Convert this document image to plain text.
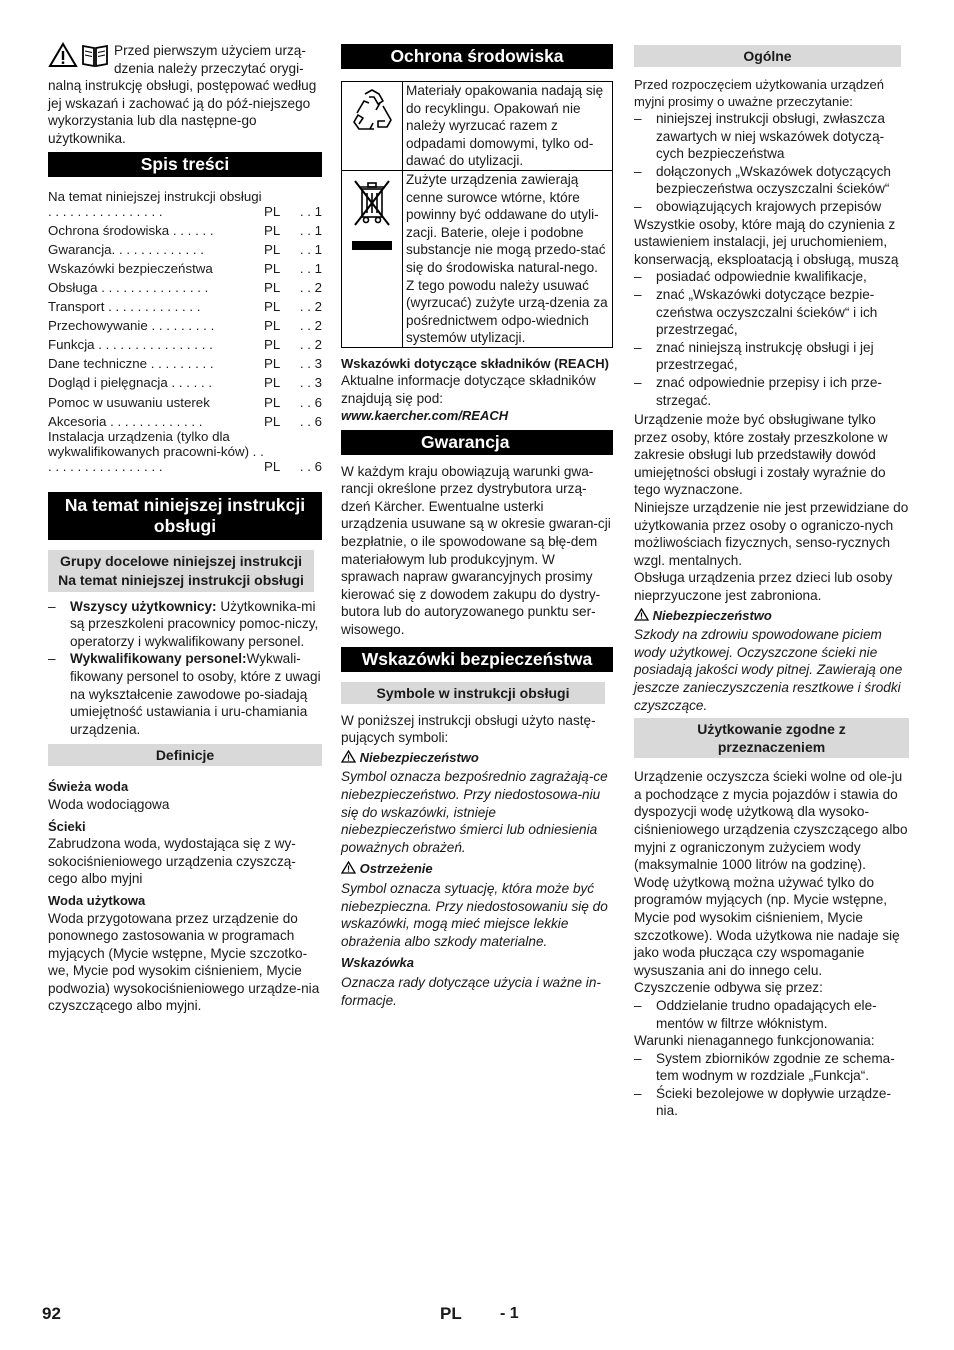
Przed pierwszym użyciem urzą-dzenia należy przeczytać orygi-nalną instrukcję obsługi, postępować według jej wskazań i zachować ją do póź-niejszego wykorzystania lub dla następne-go użytkownika.

Spis treści
Na temat niniejszej instrukcji obsługi . . . . . . . . . . . . . . . .	PL	. . 1
Ochrona środowiska . . . . . .	PL	. . 1
Gwarancja. . . . . . . . . . . . .	PL	. . 1
Wskazówki bezpieczeństwa	PL	. . 1
Obsługa . . . . . . . . . . . . . . .	PL	. . 2
Transport . . . . . . . . . . . . .	PL	. . 2
Przechowywanie . . . . . . . . .	PL	. . 2
Funkcja . . . . . . . . . . . . . . . .	PL	. . 2
Dane techniczne . . . . . . . . .	PL	. . 3
Dogląd i pielęgnacja . . . . . .	PL	. . 3
Pomoc w usuwaniu usterek	PL	. . 6
Akcesoria . . . . . . . . . . . . .	PL	. . 6
Instalacja urządzenia (tylko dla wykwalifikowanych pracowni-ków) . . . . . . . . . . . . . . . . . .	PL	. . 6
Na temat niniejszej instrukcji obsługi
Grupy docelowe niniejszej instrukcji
Na temat niniejszej instrukcji obsługi

– Wszyscy użytkownicy: Użytkownika-mi są przeszkoleni pracownicy pomoc-niczy, operatorzy i wykwalifikowany personel.

– Wykwalifikowany personel:Wykwali-fikowany personel to osoby, które z uwagi na wykształcenie zawodowe po-siadają umiejętność ustawiania i uru-chamiania urządzenia.

Definicje

Świeża woda

Woda wodociągowa

Ścieki

Zabrudzona woda, wydostająca się z wy-sokociśnieniowego urządzenia czyszczą-cego albo myjni

Woda użytkowa

Woda przygotowana przez urządzenie do ponownego zastosowania w programach myjących (Mycie wstępne, Mycie szczotko-we, Mycie pod wysokim ciśnieniem, Mycie podwozia) wysokociśnieniowego urządze-nia czyszczącego albo myjni.

Ochrona środowiska
	Materiały opakowania nadają się do recyklingu. Opakowań nie należy wyrzucać razem z odpadami domowymi, tylko od-dawać do utylizacji.
	Zużyte urządzenia zawierają cenne surowce wtórne, które powinny być oddawane do utyli-zacji. Baterie, oleje i podobne substancje nie mogą przedo-stać się do środowiska natural-nego. Z tego powodu należy usuwać (wyrzucać) zużyte urzą-dzenia za pośrednictwem odpo-wiednich systemów utylizacji.

Wskazówki dotyczące składników (REACH)

Aktualne informacje dotyczące składników znajdują się pod:

www.kaercher.com/REACH

Gwarancja

W każdym kraju obowiązują warunki gwa-rancji określone przez dystrybutora urzą-dzeń Kärcher. Ewentualne usterki urządzenia usuwane są w okresie gwaran-cji bezpłatnie, o ile spowodowane są błę-dem materiałowym lub produkcyjnym. W sprawach napraw gwarancyjnych prosimy kierować się z dowodem zakupu do dystry-butora lub do autoryzowanego punktu ser-wisowego.

Wskazówki bezpieczeństwa
Symbole w instrukcji obsługi

W poniższej instrukcji obsługi użyto nastę-pujących symboli:

Niebezpieczeństwo

Symbol oznacza bezpośrednio zagrażają-ce niebezpieczeństwo. Przy niedostosowa-niu się do wskazówki, istnieje niebezpieczeństwo śmierci lub odniesienia poważnych obrażeń.

Ostrzeżenie

Symbol oznacza sytuację, która może być niebezpieczna. Przy niedostosowaniu się do wskazówki, mogą mieć miejsce lekkie obrażenia albo szkody materialne.

Wskazówka

Oznacza rady dotyczące użycia i ważne in-formacje.

Ogólne

Przed rozpoczęciem użytkowania urządzeń myjni prosimy o uważne przeczytanie:

– niniejszej instrukcji obsługi, zwłaszcza zawartych w niej wskazówek dotyczą-cych bezpieczeństwa

– dołączonych „Wskazówek dotyczących bezpieczeństwa oczyszczalni ścieków“

– obowiązujących krajowych przepisów

Wszystkie osoby, które mają do czynienia z ustawieniem instalacji, jej uruchomieniem, konserwacją, eksploatacją i obsługą, muszą

– posiadać odpowiednie kwalifikacje,

– znać „Wskazówki dotyczące bezpie-czeństwa oczyszczalni ścieków“ i ich przestrzegać,

– znać niniejszą instrukcję obsługi i jej przestrzegać,

– znać odpowiednie przepisy i ich prze-strzegać.

Urządzenie może być obsługiwane tylko przez osoby, które zostały przeszkolone w zakresie obsługi lub przedstawiły dowód umiejętności obsługi i zostały wyraźnie do tego wyznaczone.

Niniejsze urządzenie nie jest przewidziane do użytkowania przez osoby o ograniczo-nych możliwościach fizycznych, senso-rycznych wzgl. mentalnych.

Obsługa urządzenia przez dzieci lub osoby nieprzyuczone jest zabroniona.

Niebezpieczeństwo

Szkody na zdrowiu spowodowane piciem wody użytkowej. Oczyszczone ścieki nie posiadają jakości wody pitnej. Zawierają one jeszcze zanieczyszczenia resztkowe i środki czyszczące.

Użytkowanie zgodne z przeznaczeniem

Urządzenie oczyszcza ścieki wolne od ole-ju a pochodzące z mycia pojazdów i stawia do dyspozycji wodę użytkową dla wysoko-ciśnieniowego urządzenia czyszczącego albo myjni z ograniczonym zużyciem wody (maksymalnie 1000 litrów na godzinę).

Wodę użytkową można używać tylko do programów myjących (np. Mycie wstępne, Mycie pod wysokim ciśnieniem, Mycie szczotkowe). Woda użytkowa nie nadaje się jako woda płucząca czy wspomaganie wysuszania ani do innego celu.

Czyszczenie odbywa się przez:

– Oddzielanie trudno opadających ele-mentów w filtrze włóknistym.

Warunki nienagannego funkcjonowania:

– System zbiorników zgodnie ze schema-tem wodnym w rozdziale „Funkcja“.

– Ścieki bezolejowe w dopływie urządze-nia.

92	PL - 1
